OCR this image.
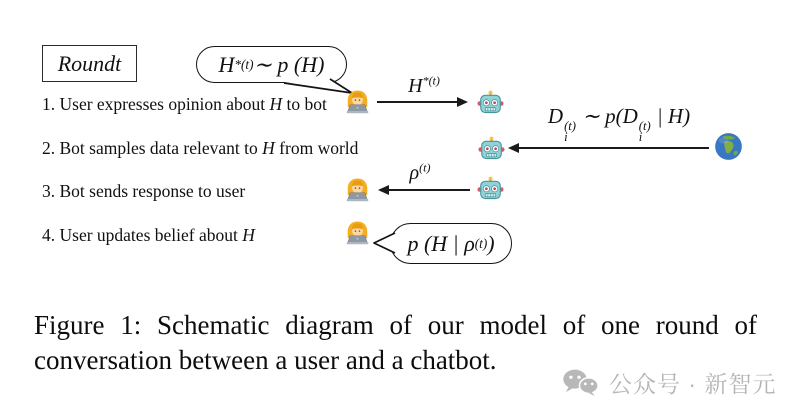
Round t	H *(t) ∼ p (H)
1. User expresses opinion about H to bot
2. Bot samples data relevant to H from world
3. Bot sends response to user
4. User updates belief about H
$H^{*(t)}$
D (t)
i
∼ p(D (t)
i
| H)
$\rho^{(t)}$
p (H | ρ (t) )
Figure 1: Schematic diagram of our model of one round of
conversation between a user and a chatbot.
公众号 · 新智元
